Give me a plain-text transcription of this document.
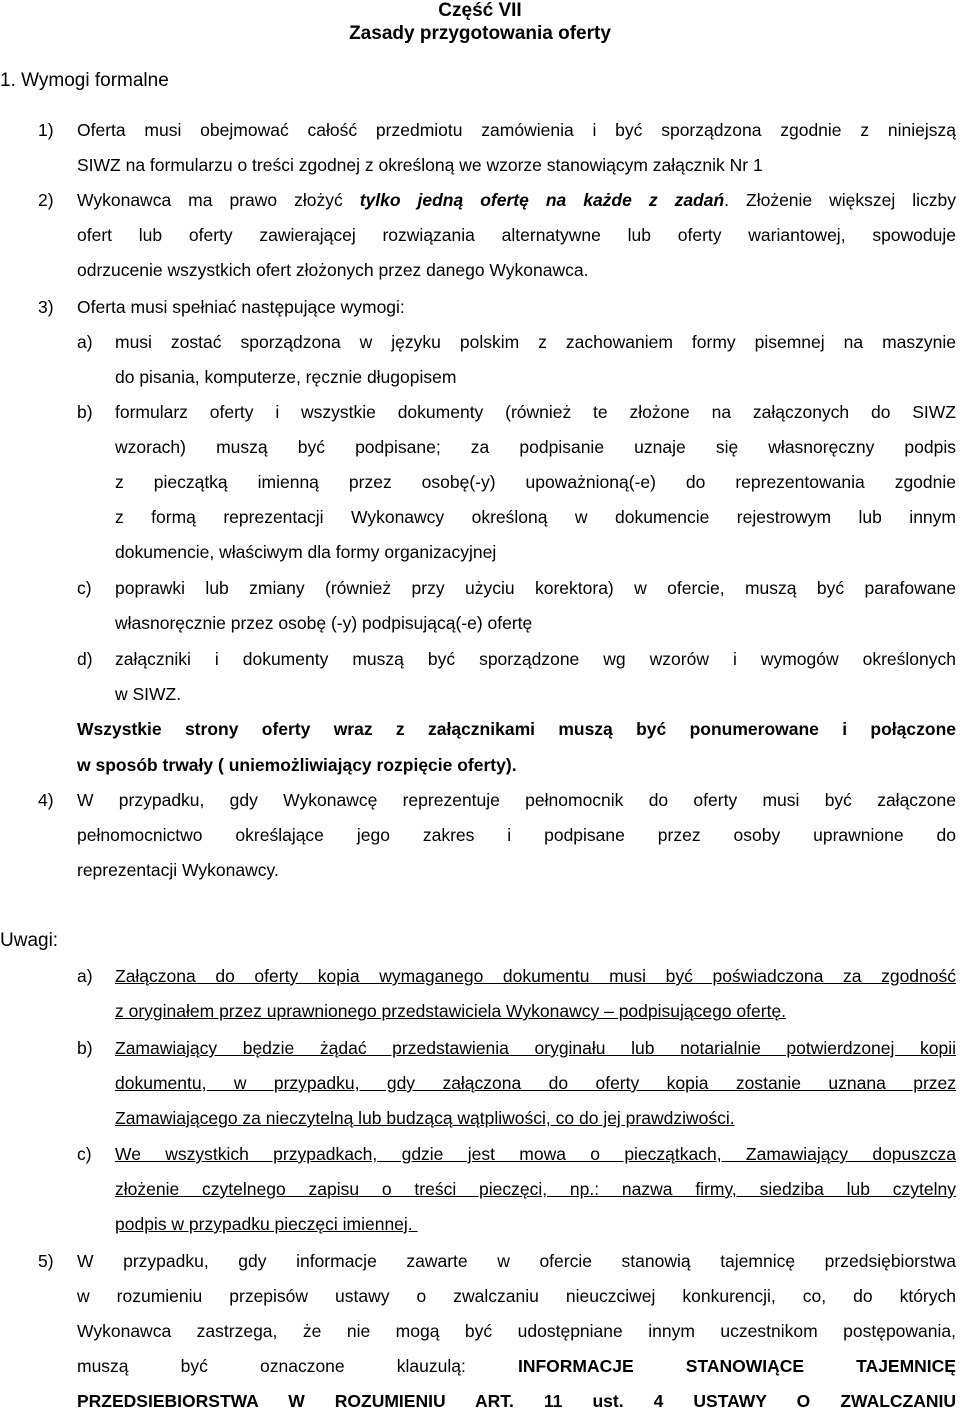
Część VII
Zasady przygotowania oferty
1. Wymogi formalne
1) Oferta musi obejmować całość przedmiotu zamówienia i być sporządzona zgodnie z niniejszą
SIWZ na formularzu o treści zgodnej z określoną we wzorze stanowiącym załącznik Nr 1
2) Wykonawca ma prawo złożyć tylko jedną ofertę na każde z zadań. Złożenie większej liczby
ofert lub oferty zawierającej rozwiązania alternatywne lub oferty wariantowej, spowoduje
odrzucenie wszystkich ofert złożonych przez danego Wykonawca.
3) Oferta musi spełniać następujące wymogi:
a) musi zostać sporządzona w języku polskim z zachowaniem formy pisemnej na maszynie
do pisania, komputerze, ręcznie długopisem
b) formularz oferty i wszystkie dokumenty (również te złożone na załączonych do SIWZ
wzorach) muszą być podpisane; za podpisanie uznaje się własnoręczny podpis
z pieczątką imienną przez osobę(-y) upoważnioną(-e) do reprezentowania zgodnie
z formą reprezentacji Wykonawcy określoną w dokumencie rejestrowym lub innym
dokumencie, właściwym dla formy organizacyjnej
c) poprawki lub zmiany (również przy użyciu korektora) w ofercie, muszą być parafowane
własnoręcznie przez osobę (-y) podpisującą(-e) ofertę
d) załączniki i dokumenty muszą być sporządzone wg wzorów i wymogów określonych
w SIWZ.
Wszystkie strony oferty wraz z załącznikami muszą być ponumerowane i połączone
w sposób trwały ( uniemożliwiający rozpięcie oferty).
4) W przypadku, gdy Wykonawcę reprezentuje pełnomocnik do oferty musi być załączone
pełnomocnictwo określające jego zakres i podpisane przez osoby uprawnione do
reprezentacji Wykonawcy.
Uwagi:
a) Załączona do oferty kopia wymaganego dokumentu musi być poświadczona za zgodność
z oryginałem przez uprawnionego przedstawiciela Wykonawcy – podpisującego ofertę.
b) Zamawiający będzie żądać przedstawienia oryginału lub notarialnie potwierdzonej kopii
dokumentu, w przypadku, gdy załączona do oferty kopia zostanie uznana przez
Zamawiającego za nieczytelną lub budzącą wątpliwości, co do jej prawdziwości.
c) We wszystkich przypadkach, gdzie jest mowa o pieczątkach, Zamawiający dopuszcza
złożenie czytelnego zapisu o treści pieczęci, np.: nazwa firmy, siedziba lub czytelny
podpis w przypadku pieczęci imiennej.
5) W przypadku, gdy informacje zawarte w ofercie stanowią tajemnicę przedsiębiorstwa
w rozumieniu przepisów ustawy o zwalczaniu nieuczciwej konkurencji, co, do których
Wykonawca zastrzega, że nie mogą być udostępniane innym uczestnikom postępowania,
muszą być oznaczone klauzulą: INFORMACJE STANOWIĄCE TAJEMNICĘ
PRZEDSIEBIORSTWA W ROZUMIENIU ART. 11 ust. 4 USTAWY O ZWALCZANIU
